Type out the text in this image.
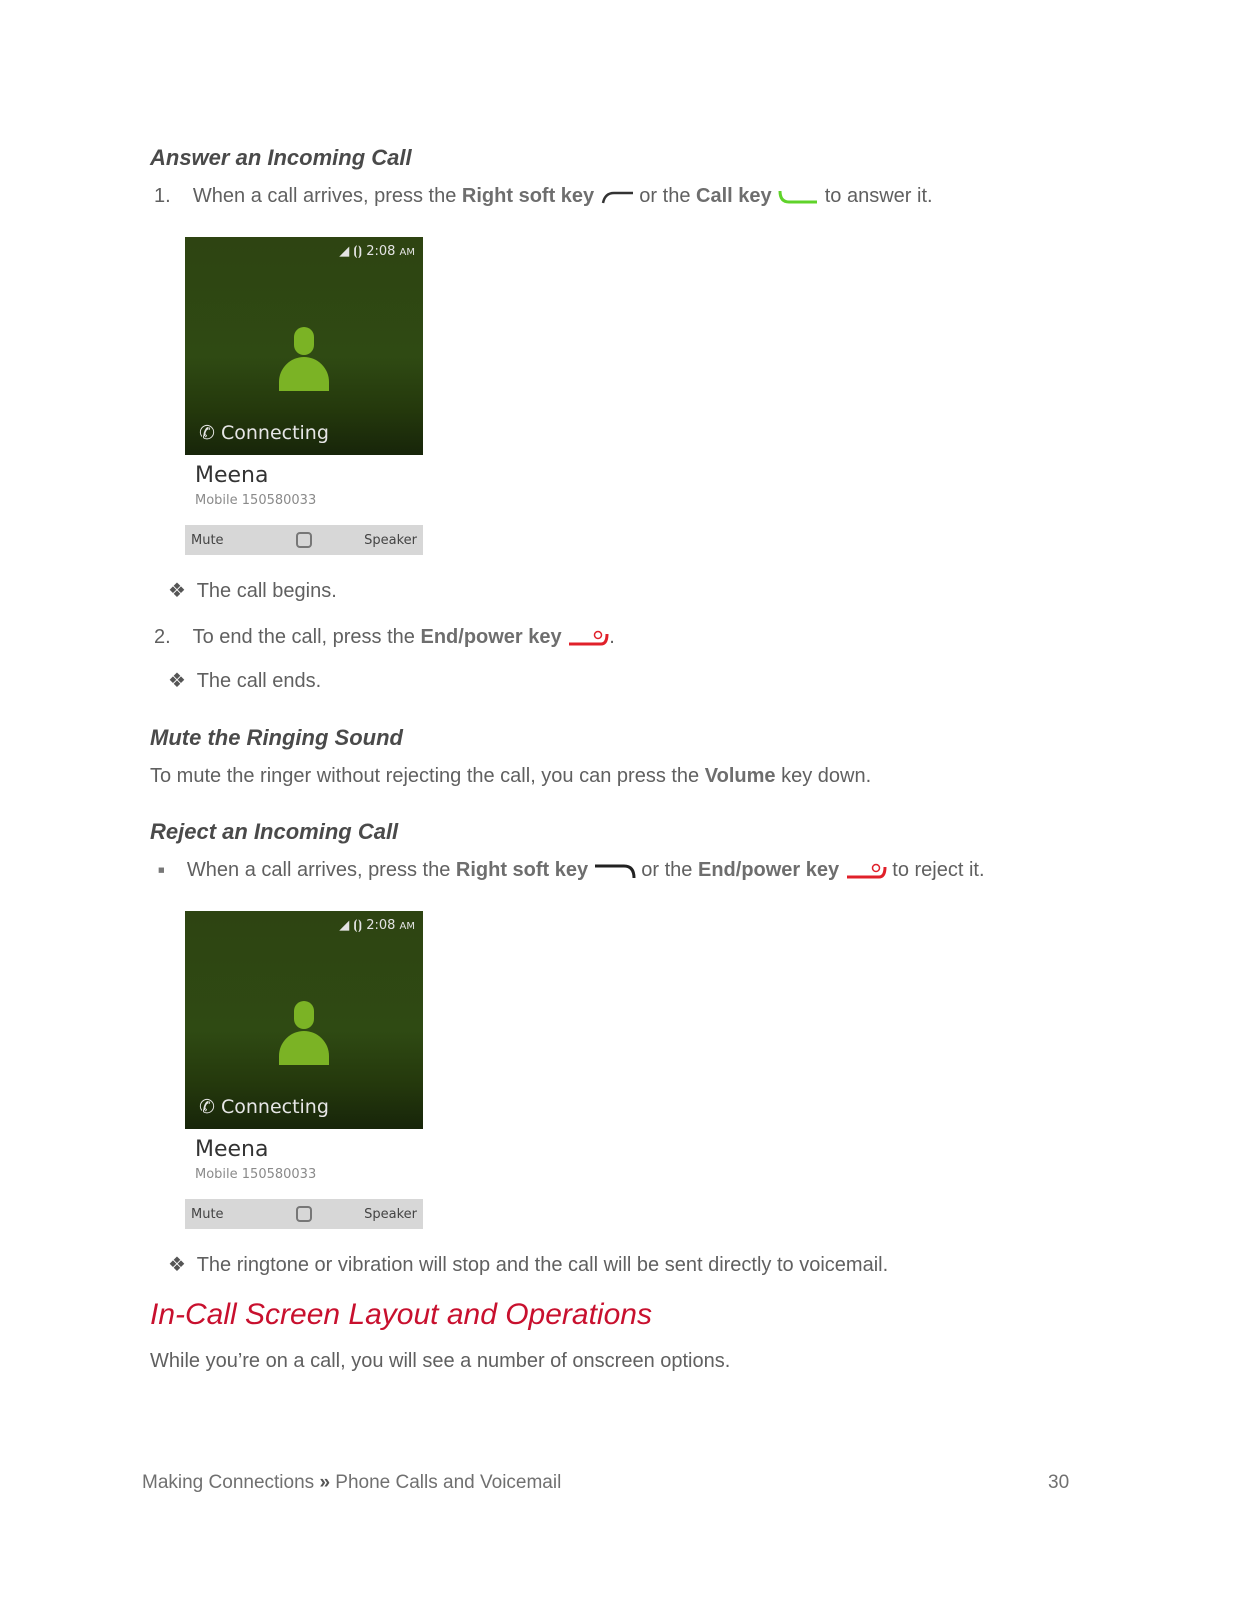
Answer an Incoming Call
1. When a call arrives, press the Right soft key or the Call key	to answer it.
◢ ⦗⦘ 2:08 AM
✆ Connecting
Meena
Mobile 150580033
Mute	Speaker
❖ The call begins.
2. To end the call, press the End/power key .
❖ The call ends.
Mute the Ringing Sound
To mute the ringer without rejecting the call, you can press the Volume key down.
Reject an Incoming Call
■ When a call arrives, press the Right soft key	or the End/power key	to reject it.
◢ ⦗⦘ 2:08 AM
✆ Connecting
Meena
Mobile 150580033
Mute	Speaker
❖ The ringtone or vibration will stop and the call will be sent directly to voicemail.
In-Call Screen Layout and Operations
While you’re on a call, you will see a number of onscreen options.
Making Connections » Phone Calls and Voicemail	30
